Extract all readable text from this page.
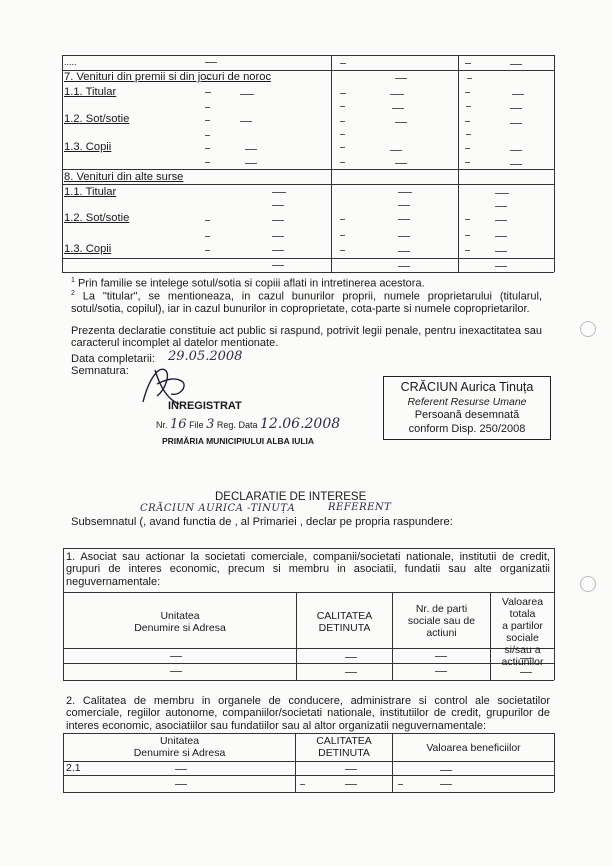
.....
7. Venituri din premii si din jocuri de noroc
1.1. Titular
1.2. Sot/sotie
1.3. Copii
8. Venituri din alte surse
1.1. Titular
1.2. Sot/sotie
1.3. Copii
$^1$ Prin familie se intelege sotul/sotia si copiii aflati in intretinerea acestora.
$^2$ La "titular", se mentioneaza, in cazul bunurilor proprii, numele proprietarului (titularul, sotul/sotia, copilul), iar in cazul bunurilor in coproprietate, cota-parte si numele coproprietarilor.
Prezenta declaratie constituie act public si raspund, potrivit legii penale, pentru inexactitatea sau caracterul incomplet al datelor mentionate.
Data completarii: 29.05.2008
Semnatura:
INREGISTRAT
Nr. 16 File 3 Reg. Data 12.06.2008
PRIMĂRIA MUNICIPIULUI ALBA IULIA
CRĂCIUN Aurica Tinuța
Referent Resurse Umane
Persoană desemnată
conform Disp. 250/2008
DECLARATIE DE INTERESE
CRĂCIUN AURICA -TINUȚA	REFERENT
Subsemnatul (, avand functia de , al Primariei , declar pe propria raspundere:
1. Asociat sau actionar la societati comerciale, companii/societati nationale, institutii de credit, grupuri de interes economic, precum si membru in asociatii, fundatii sau alte organizatii neguvernamentale:
Unitatea
Denumire si Adresa
CALITATEA
DETINUTA
Nr. de parti
sociale sau de
actiuni
Valoarea totala
a partilor sociale
si/sau a
actiunilor
2. Calitatea de membru in organele de conducere, administrare si control ale societatilor comerciale, regiilor autonome, companiilor/societati nationale, institutiilor de credit, grupurilor de interes economic, asociatiilor sau fundatiilor sau al altor organizatii neguvernamentale:
Unitatea
Denumire si Adresa
CALITATEA
DETINUTA	Valoarea beneficiilor
2.1
